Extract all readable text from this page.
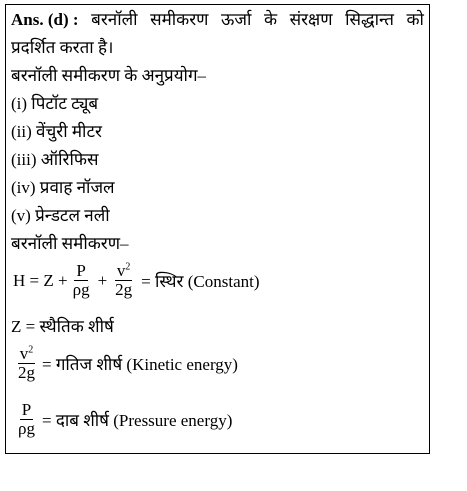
Ans. (d) : बरनॉली समीकरण ऊर्जा के संरक्षण सिद्धान्त को
प्रदर्शित करता है।
बरनॉली समीकरण के अनुप्रयोग–
(i) पिटॉट ट्यूब
(ii) वेंचुरी मीटर
(iii) ऑरिफिस
(iv) प्रवाह नॉजल
(v) प्रेन्डटल नली
बरनॉली समीकरण–
$H = Z + \frac{P}{\rho g} + \frac{v^2}{2g}$ = स्थिर (Constant)
Z = स्थैतिक शीर्ष
$\frac{v^2}{2g}$ = गतिज शीर्ष (Kinetic energy)
$\frac{P}{\rho g}$ = दाब शीर्ष (Pressure energy)
